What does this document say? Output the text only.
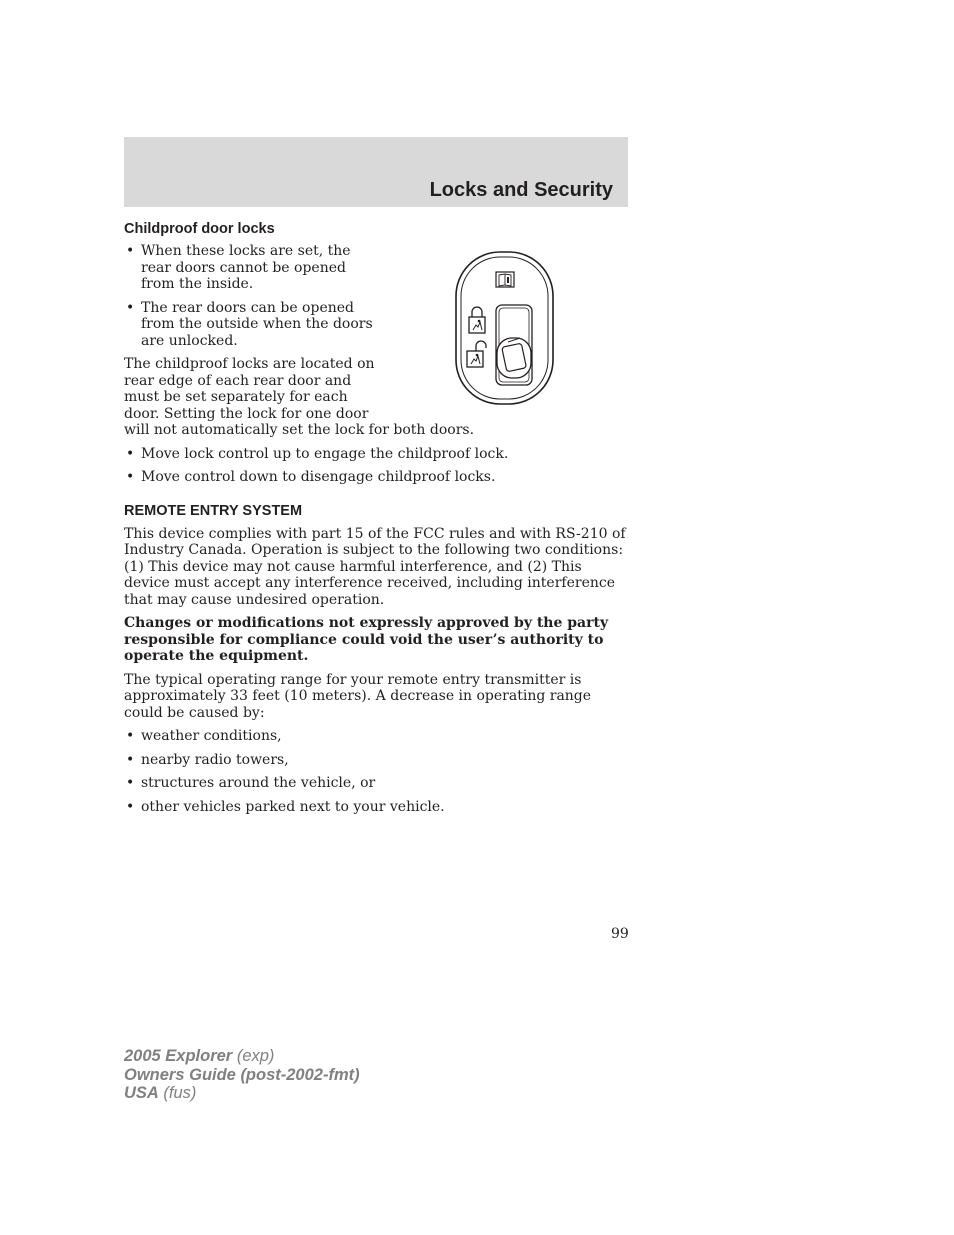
Locks and Security
Childproof door locks
• When these locks are set, the rear doors cannot be opened from the inside.
• The rear doors can be opened from the outside when the doors are unlocked.

The childproof locks are located on
rear edge of each rear door and
must be set separately for each
door. Setting the lock for one door
will not automatically set the lock for both doors.

• Move lock control up to engage the childproof lock.
• Move control down to disengage childproof locks.
REMOTE ENTRY SYSTEM

This device complies with part 15 of the FCC rules and with RS-210 of Industry Canada. Operation is subject to the following two conditions: (1) This device may not cause harmful interference, and (2) This device must accept any interference received, including interference that may cause undesired operation.

Changes or modifications not expressly approved by the party responsible for compliance could void the user’s authority to operate the equipment.

The typical operating range for your remote entry transmitter is approximately 33 feet (10 meters). A decrease in operating range could be caused by:

• weather conditions,
• nearby radio towers,
• structures around the vehicle, or
• other vehicles parked next to your vehicle.
99
2005 Explorer (exp)
Owners Guide (post-2002-fmt)
USA (fus)
